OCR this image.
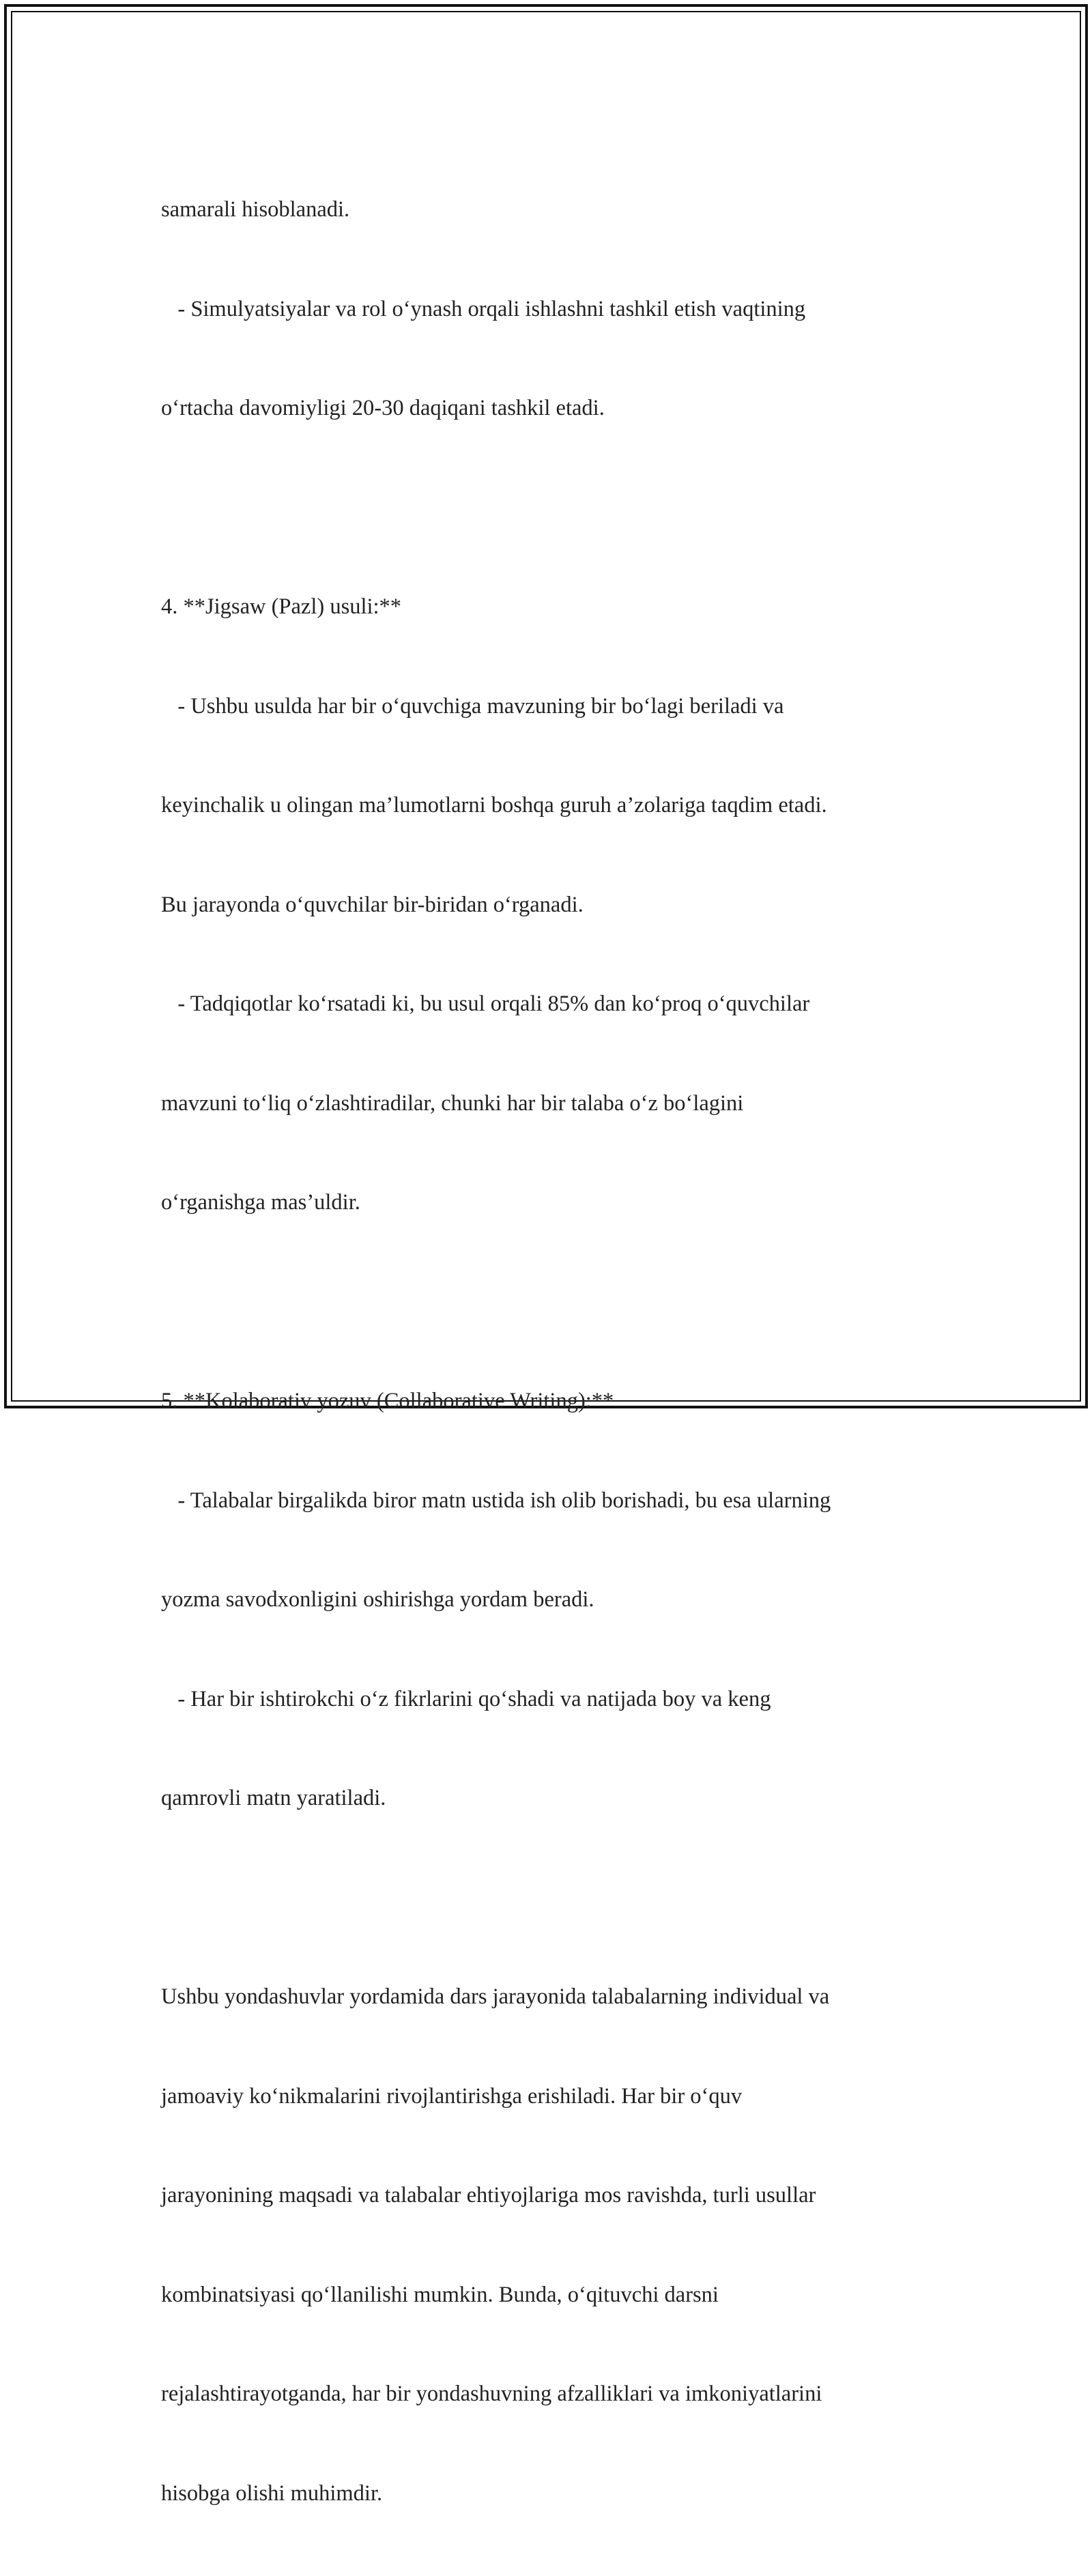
samarali hisoblanadi.

- Simulyatsiyalar va rol o‘ynash orqali ishlashni tashkil etish vaqtining

o‘rtacha davomiyligi 20-30 daqiqani tashkil etadi.

4. **Jigsaw (Pazl) usuli:**

- Ushbu usulda har bir o‘quvchiga mavzuning bir bo‘lagi beriladi va

keyinchalik u olingan ma’lumotlarni boshqa guruh a’zolariga taqdim etadi.

Bu jarayonda o‘quvchilar bir-biridan o‘rganadi.

- Tadqiqotlar ko‘rsatadi ki, bu usul orqali 85% dan ko‘proq o‘quvchilar

mavzuni to‘liq o‘zlashtiradilar, chunki har bir talaba o‘z bo‘lagini

o‘rganishga mas’uldir.

5. **Kolaborativ yozuv (Collaborative Writing):**

- Talabalar birgalikda biror matn ustida ish olib borishadi, bu esa ularning

yozma savodxonligini oshirishga yordam beradi.

- Har bir ishtirokchi o‘z fikrlarini qo‘shadi va natijada boy va keng

qamrovli matn yaratiladi.

Ushbu yondashuvlar yordamida dars jarayonida talabalarning individual va

jamoaviy ko‘nikmalarini rivojlantirishga erishiladi. Har bir o‘quv

jarayonining maqsadi va talabalar ehtiyojlariga mos ravishda, turli usullar

kombinatsiyasi qo‘llanilishi mumkin. Bunda, o‘qituvchi darsni

rejalashtirayotganda, har bir yondashuvning afzalliklari va imkoniyatlarini

hisobga olishi muhimdir.
